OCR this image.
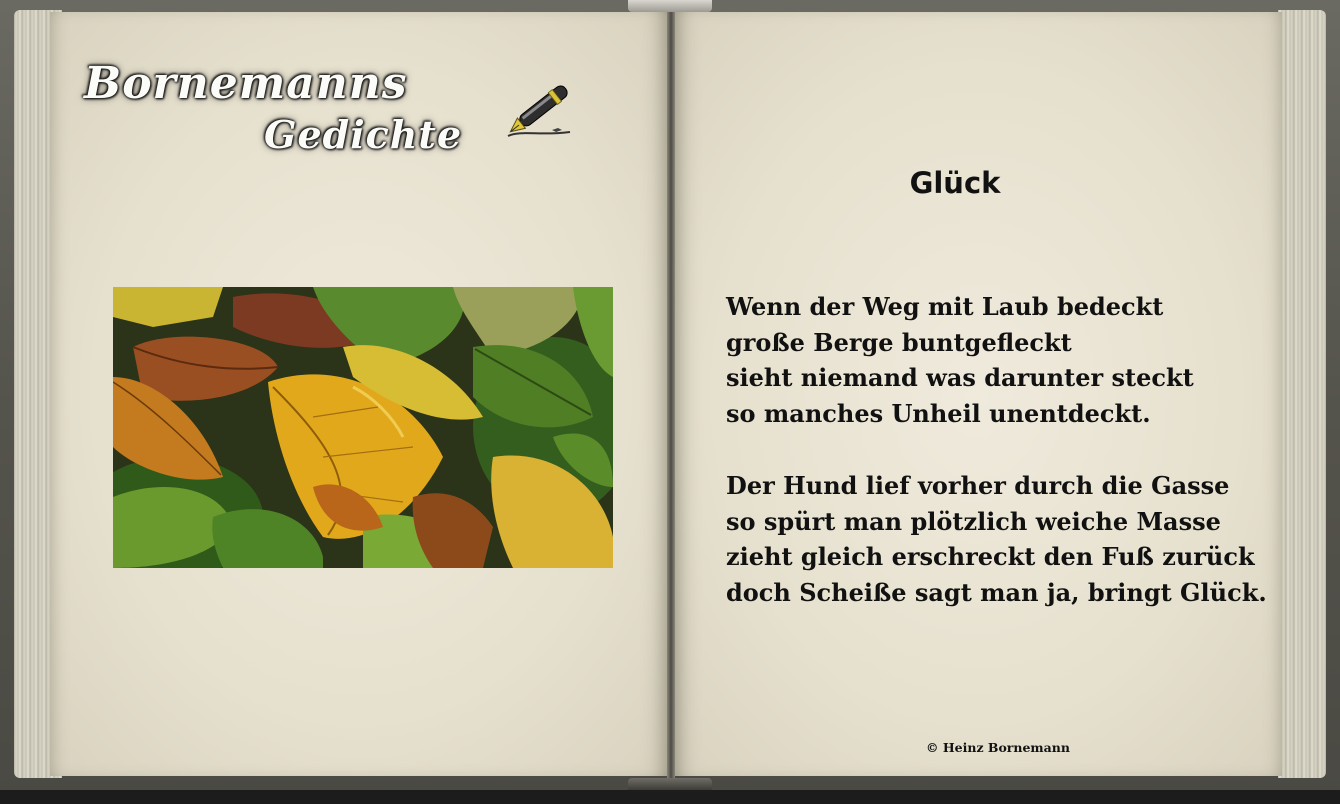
Bornemanns
Gedichte
Glück
Wenn der Weg mit Laub bedeckt
große Berge buntgefleckt
sieht niemand was darunter steckt
so manches Unheil unentdeckt.
Der Hund lief vorher durch die Gasse
so spürt man plötzlich weiche Masse
zieht gleich erschreckt den Fuß zurück
doch Scheiße sagt man ja, bringt Glück.
© Heinz Bornemann
